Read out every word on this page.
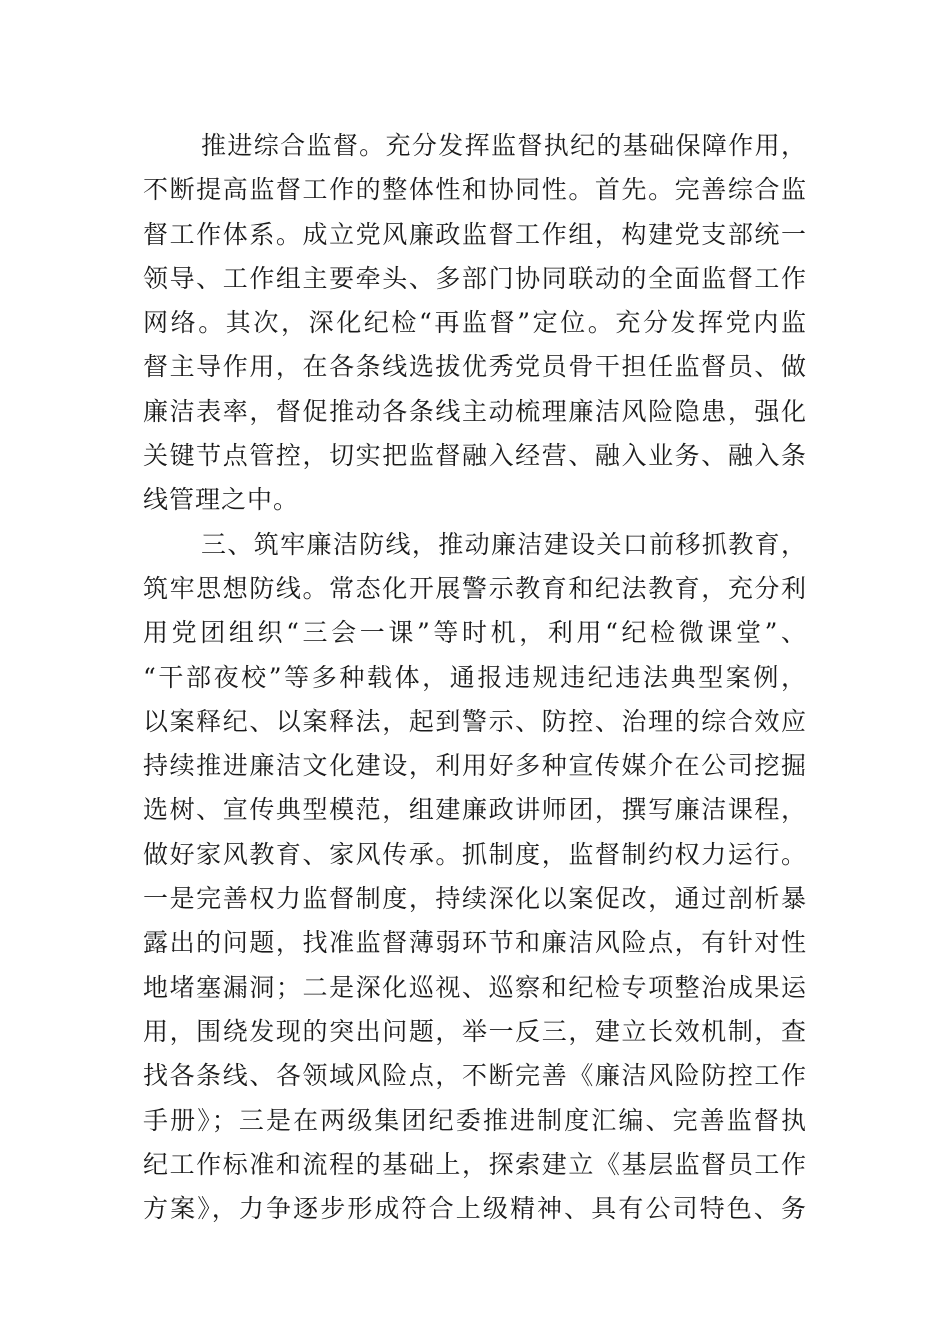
推进综合监督。充分发挥监督执纪的基础保障作用，
不断提高监督工作的整体性和协同性。首先。完善综合监
督工作体系。成立党风廉政监督工作组，构建党支部统一
领导、工作组主要牵头、多部门协同联动的全面监督工作
网络。其次，深化纪检“再监督”定位。充分发挥党内监
督主导作用，在各条线选拔优秀党员骨干担任监督员、做
廉洁表率，督促推动各条线主动梳理廉洁风险隐患，强化
关键节点管控，切实把监督融入经营、融入业务、融入条
线管理之中。
三、筑牢廉洁防线，推动廉洁建设关口前移抓教育，
筑牢思想防线。常态化开展警示教育和纪法教育，充分利
用党团组织“三会一课”等时机，利用“纪检微课堂”、
“干部夜校”等多种载体，通报违规违纪违法典型案例，
以案释纪、以案释法，起到警示、防控、治理的综合效应
持续推进廉洁文化建设，利用好多种宣传媒介在公司挖掘
选树、宣传典型模范，组建廉政讲师团，撰写廉洁课程，
做好家风教育、家风传承。抓制度，监督制约权力运行。
一是完善权力监督制度，持续深化以案促改，通过剖析暴
露出的问题，找准监督薄弱环节和廉洁风险点，有针对性
地堵塞漏洞；二是深化巡视、巡察和纪检专项整治成果运
用，围绕发现的突出问题，举一反三，建立长效机制，查
找各条线、各领域风险点，不断完善《廉洁风险防控工作
手册》；三是在两级集团纪委推进制度汇编、完善监督执
纪工作标准和流程的基础上，探索建立《基层监督员工作
方案》，力争逐步形成符合上级精神、具有公司特色、务
